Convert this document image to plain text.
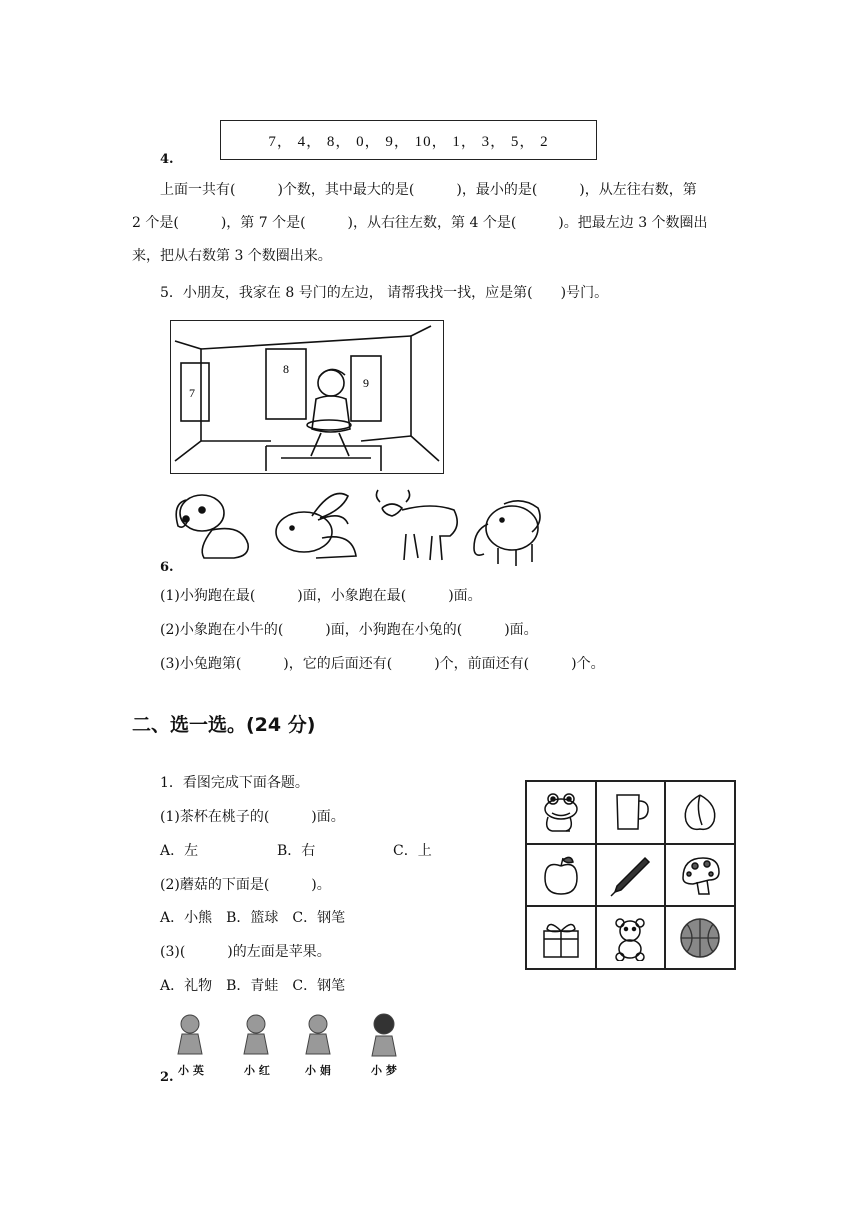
7， 4， 8， 0， 9， 10， 1， 3， 5， 2
4.
上面一共有(　　　)个数，其中最大的是(　　　)，最小的是(　　　)，从左往右数，第
2 个是(　　　)，第 7 个是(　　　)，从右往左数，第 4 个是(　　　)。把最左边 3 个数圈出
来，把从右数第 3 个数圈出来。
5．小朋友，我家在 8 号门的左边， 请帮我找一找，应是第(　　)号门。
7
8
9
6.
(1)小狗跑在最(　　　)面，小象跑在最(　　　)面。
(2)小象跑在小牛的(　　　)面，小狗跑在小兔的(　　　)面。
(3)小兔跑第(　　　)，它的后面还有(　　　)个，前面还有(　　　)个。
二、选一选。(24 分)
1．看图完成下面各题。
(1)茶杯在桃子的(　　　)面。
A．左	B．右	C．上
(2)蘑菇的下面是(　　　)。
A．小熊　B．篮球　C．钢笔
(3)(　　　)的左面是苹果。
A．礼物　B．青蛙　C．钢笔
小 英	小 红	小 娟	小 梦
2.
